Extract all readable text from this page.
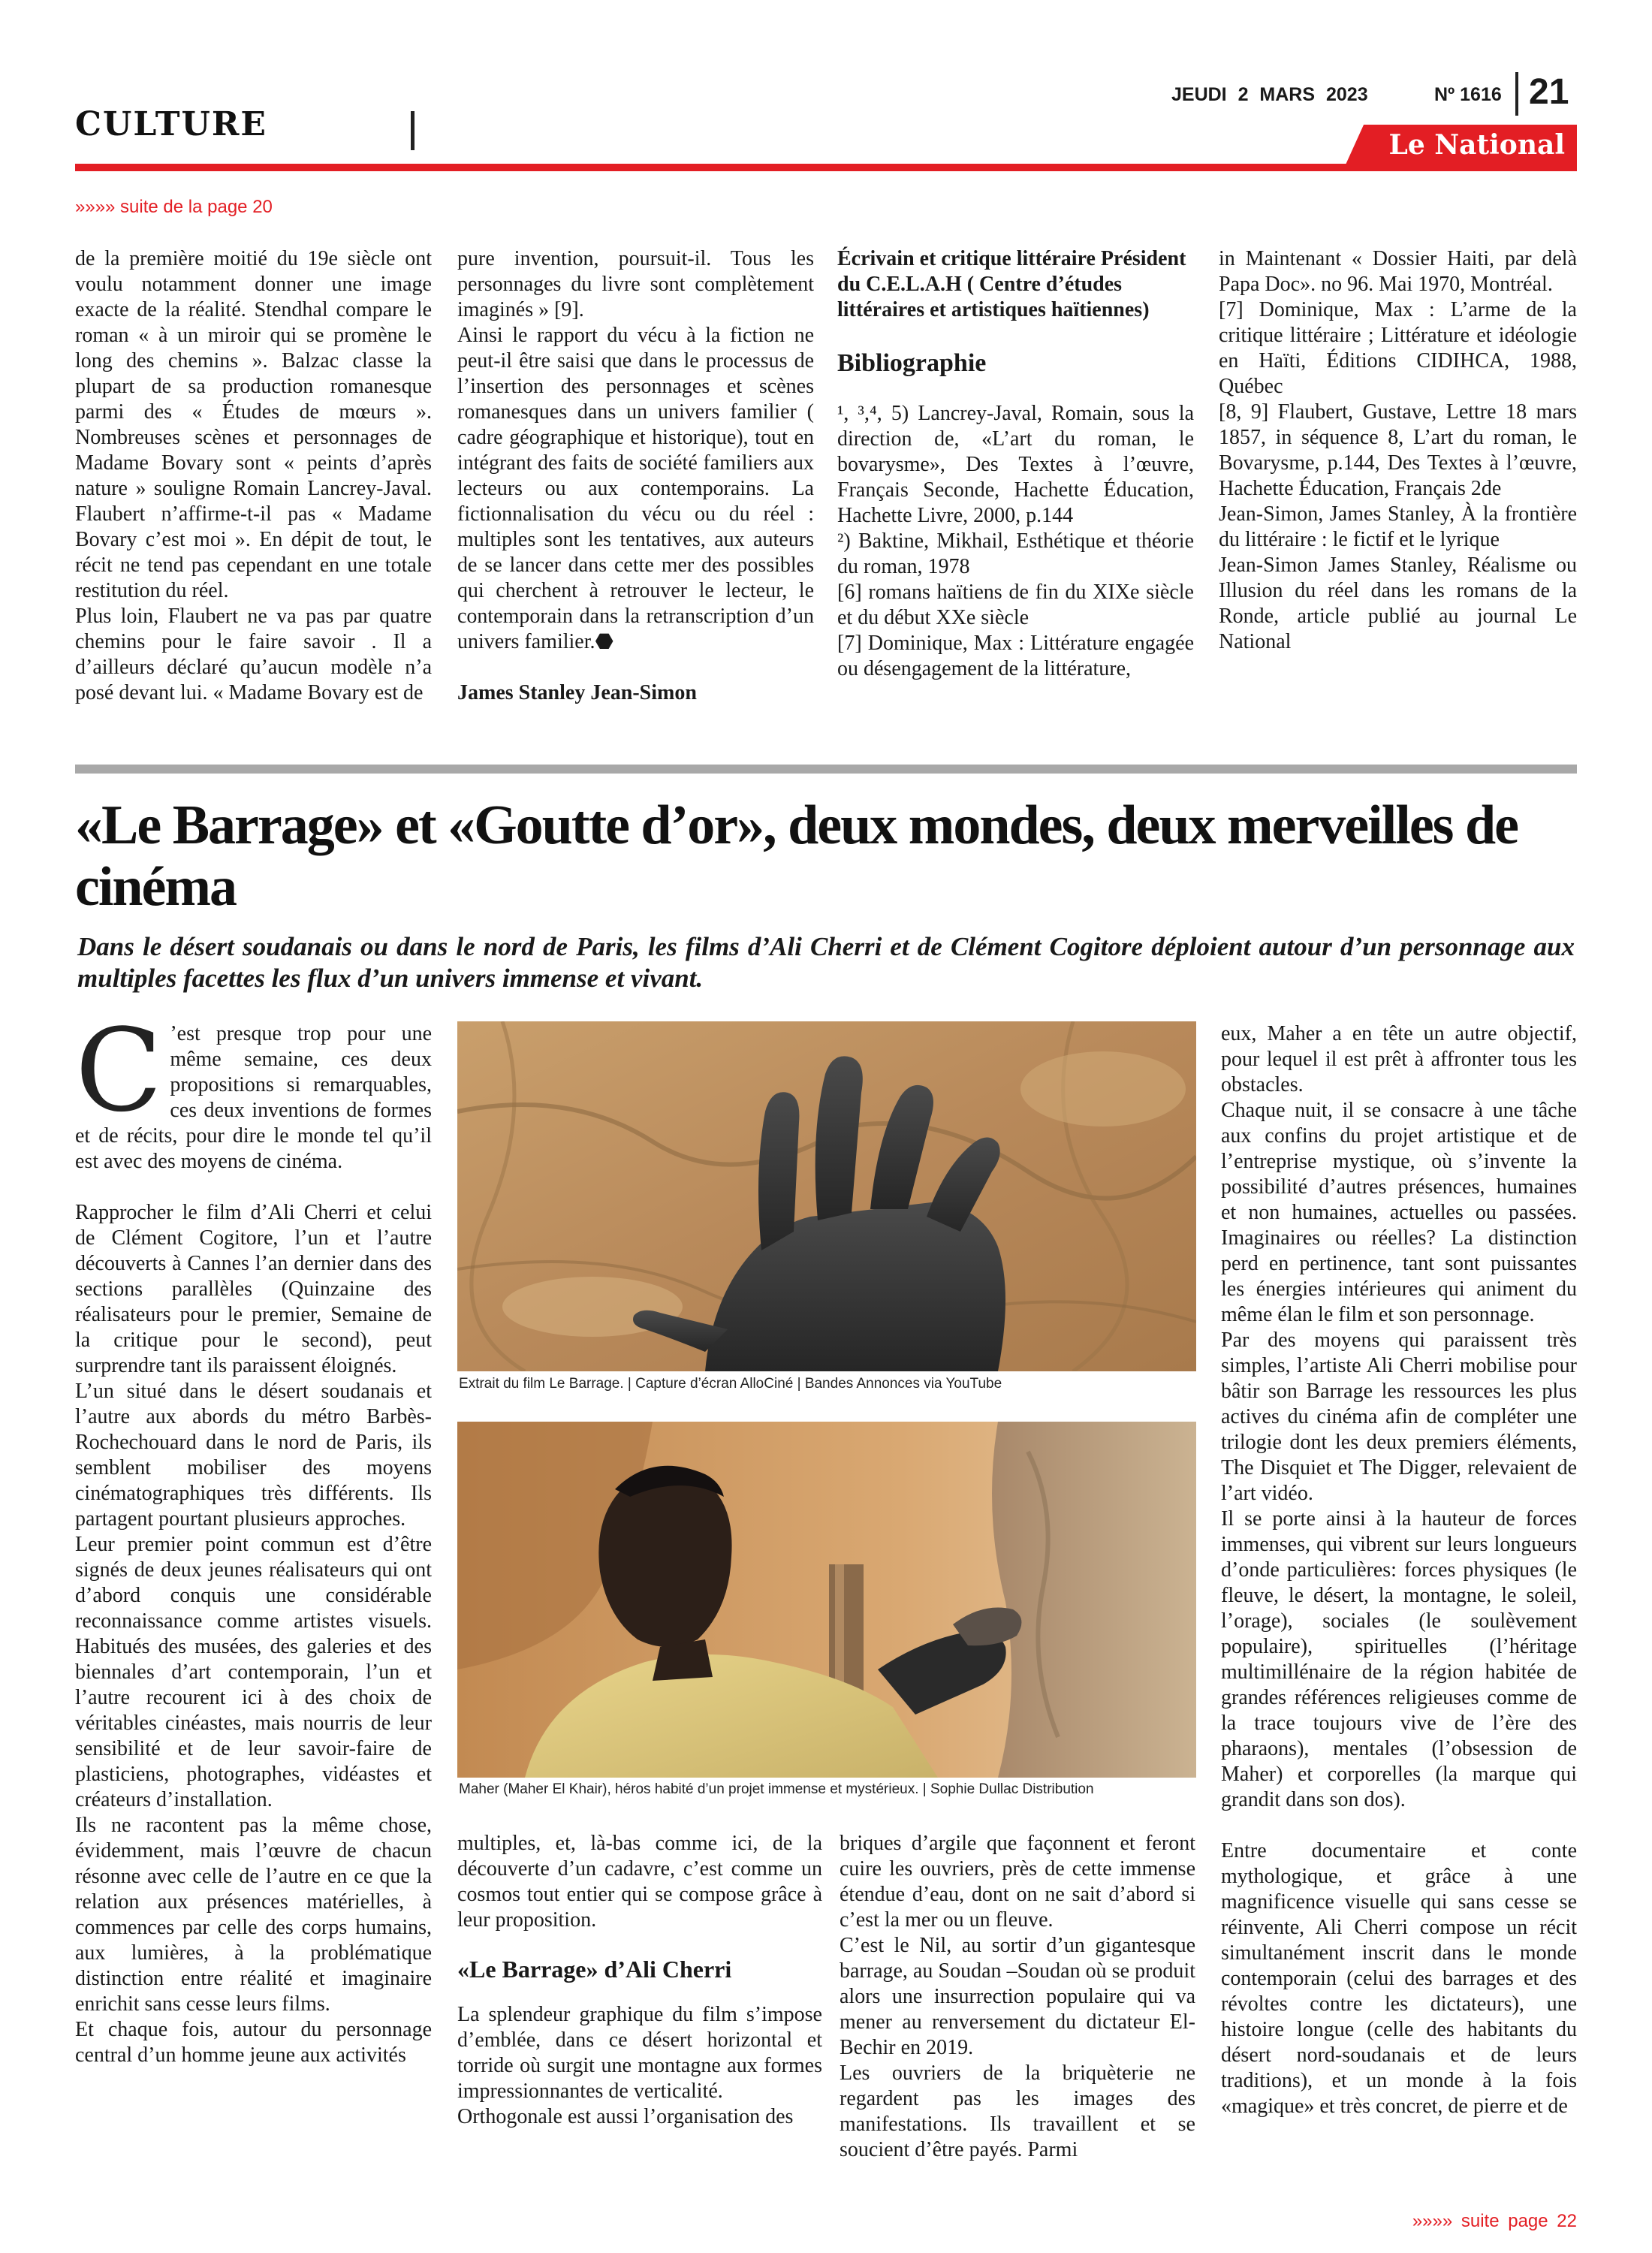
CULTURE
JEUDI 2 MARS 2023	Nº 1616 21
Le National
»»»» suite de la page 20

de la première moitié du 19e siècle ont voulu notamment donner une image exacte de la réalité. Stendhal compare le roman « à un miroir qui se promène le long des chemins ». Balzac classe la plupart de sa production romanesque parmi des « Études de mœurs ». Nombreuses scènes et personnages de Madame Bovary sont « peints d’après nature » souligne Romain Lancrey-Javal. Flaubert n’affirme-t-il pas « Madame Bovary c’est moi ». En dépit de tout, le récit ne tend pas cependant en une totale restitution du réel.

Plus loin, Flaubert ne va pas par quatre chemins pour le faire savoir . Il a d’ailleurs déclaré qu’aucun modèle n’a posé devant lui. « Madame Bovary est de

pure invention, poursuit-il. Tous les personnages du livre sont complètement imaginés » [9].

Ainsi le rapport du vécu à la fiction ne peut-il être saisi que dans le processus de l’insertion des personnages et scènes romanesques dans un univers familier ( cadre géographique et historique), tout en intégrant des faits de société familiers aux lecteurs ou aux contemporains. La fictionnalisation du vécu ou du réel : multiples sont les tentatives, aux auteurs de se lancer dans cette mer des possibles qui cherchent à retrouver le lecteur, le contemporain dans la retranscription d’un univers familier.⬣

James Stanley Jean-Simon

Écrivain et critique littéraire Président du C.E.L.A.H ( Centre d’études littéraires et artistiques haïtiennes)

Bibliographie

¹, ³,⁴, 5) Lancrey-Javal, Romain, sous la direction de, «L’art du roman, le bovarysme», Des Textes à l’œuvre, Français Seconde, Hachette Éducation, Hachette Livre, 2000, p.144

²) Baktine, Mikhail, Esthétique et théorie du roman, 1978

[6] romans haïtiens de fin du XIXe siècle et du début XXe siècle

[7] Dominique, Max : Littérature engagée ou désengagement de la littérature,

in Maintenant « Dossier Haiti, par delà Papa Doc». no 96. Mai 1970, Montréal.

[7] Dominique, Max : L’arme de la critique littéraire ; Littérature et idéologie en Haïti, Éditions CIDIHCA, 1988, Québec

[8, 9] Flaubert, Gustave, Lettre 18 mars 1857, in séquence 8, L’art du roman, le Bovarysme, p.144, Des Textes à l’œuvre, Hachette Éducation, Français 2de

Jean-Simon, James Stanley, À la frontière du littéraire : le fictif et le lyrique

Jean-Simon James Stanley, Réalisme ou Illusion du réel dans les romans de la Ronde, article publié au journal Le National

«Le Barrage» et «Goutte d’or», deux mondes, deux merveilles de cinéma
Dans le désert soudanais ou dans le nord de Paris, les films d’Ali Cherri et de Clément Cogitore déploient autour d’un personnage aux multiples facettes les flux d’un univers immense et vivant.

C ’est presque trop pour une même semaine, ces deux propositions si remarquables, ces deux inventions de formes et de récits, pour dire le monde tel qu’il est avec des moyens de cinéma.

Rapprocher le film d’Ali Cherri et celui de Clément Cogitore, l’un et l’autre découverts à Cannes l’an dernier dans des sections parallèles (Quinzaine des réalisateurs pour le premier, Semaine de la critique pour le second), peut surprendre tant ils paraissent éloignés.

L’un situé dans le désert soudanais et l’autre aux abords du métro Barbès-Rochechouard dans le nord de Paris, ils semblent mobiliser des moyens cinématographiques très différents. Ils partagent pourtant plusieurs approches.

Leur premier point commun est d’être signés de deux jeunes réalisateurs qui ont d’abord conquis une considérable reconnaissance comme artistes visuels. Habitués des musées, des galeries et des biennales d’art contemporain, l’un et l’autre recourent ici à des choix de véritables cinéastes, mais nourris de leur sensibilité et de leur savoir-faire de plasticiens, photographes, vidéastes et créateurs d’installation.

Ils ne racontent pas la même chose, évidemment, mais l’œuvre de chacun résonne avec celle de l’autre en ce que la relation aux présences matérielles, à commences par celle des corps humains, aux lumières, à la problématique distinction entre réalité et imaginaire enrichit sans cesse leurs films.

Et chaque fois, autour du personnage central d’un homme jeune aux activités

Extrait du film Le Barrage. | Capture d’écran AlloCiné | Bandes Annonces via YouTube
Maher (Maher El Khair), héros habité d’un projet immense et mystérieux. | Sophie Dullac Distribution

multiples, et, là-bas comme ici, de la découverte d’un cadavre, c’est comme un cosmos tout entier qui se compose grâce à leur proposition.

«Le Barrage» d’Ali Cherri

La splendeur graphique du film s’impose d’emblée, dans ce désert horizontal et torride où surgit une montagne aux formes impressionnantes de verticalité.

Orthogonale est aussi l’organisation des

briques d’argile que façonnent et feront cuire les ouvriers, près de cette immense étendue d’eau, dont on ne sait d’abord si c’est la mer ou un fleuve.

C’est le Nil, au sortir d’un gigantesque barrage, au Soudan –Soudan où se produit alors une insurrection populaire qui va mener au renversement du dictateur El-Bechir en 2019.

Les ouvriers de la briquèterie ne regardent pas les images des manifestations. Ils travaillent et se soucient d’être payés. Parmi

eux, Maher a en tête un autre objectif, pour lequel il est prêt à affronter tous les obstacles.

Chaque nuit, il se consacre à une tâche aux confins du projet artistique et de l’entreprise mystique, où s’invente la possibilité d’autres présences, humaines et non humaines, actuelles ou passées. Imaginaires ou réelles? La distinction perd en pertinence, tant sont puissantes les énergies intérieures qui animent du même élan le film et son personnage.

Par des moyens qui paraissent très simples, l’artiste Ali Cherri mobilise pour bâtir son Barrage les ressources les plus actives du cinéma afin de compléter une trilogie dont les deux premiers éléments, The Disquiet et The Digger, relevaient de l’art vidéo.

Il se porte ainsi à la hauteur de forces immenses, qui vibrent sur leurs longueurs d’onde particulières: forces physiques (le fleuve, le désert, la montagne, le soleil, l’orage), sociales (le soulèvement populaire), spirituelles (l’héritage multimillénaire de la région habitée de grandes références religieuses comme de la trace toujours vive de l’ère des pharaons), mentales (l’obsession de Maher) et corporelles (la marque qui grandit dans son dos).

Entre documentaire et conte mythologique, et grâce à une magnificence visuelle qui sans cesse se réinvente, Ali Cherri compose un récit simultanément inscrit dans le monde contemporain (celui des barrages et des révoltes contre les dictateurs), une histoire longue (celle des habitants du désert nord-soudanais et de leurs traditions), et un monde à la fois «magique» et très concret, de pierre et de

»»»» suite page 22
